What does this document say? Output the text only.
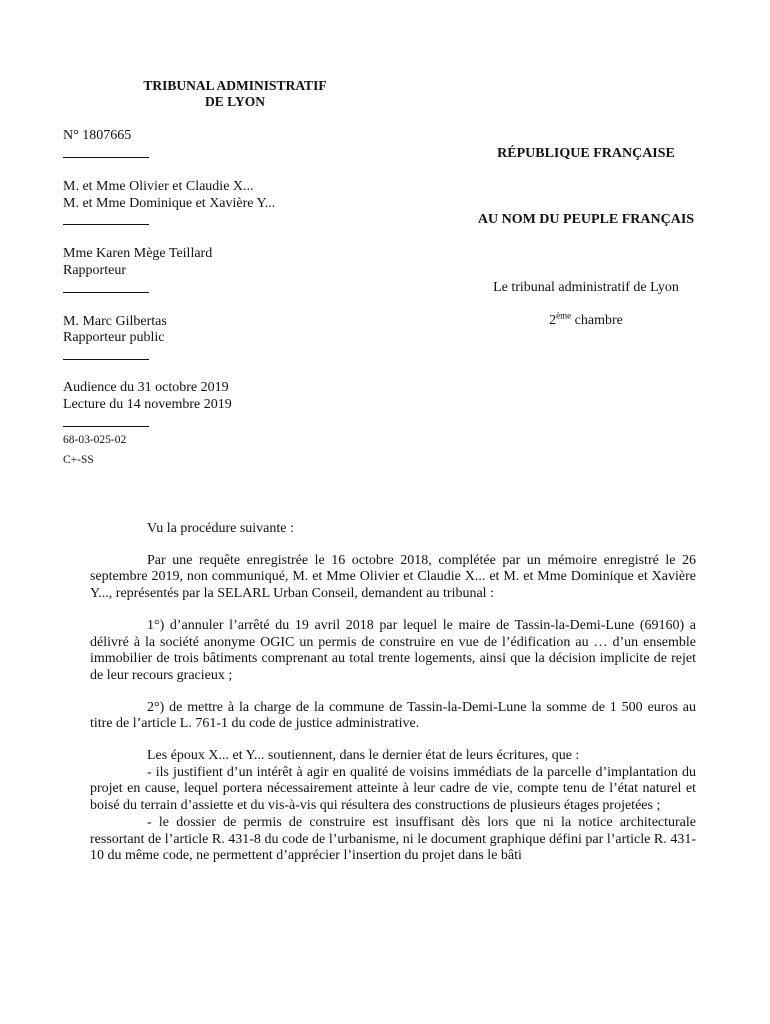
TRIBUNAL ADMINISTRATIF
DE LYON
N° 1807665
M. et Mme Olivier et Claudie X...
M. et Mme Dominique et Xavière Y...
Mme Karen Mège Teillard
Rapporteur
M. Marc Gilbertas
Rapporteur public
Audience du 31 octobre 2019
Lecture du 14 novembre 2019
68-03-025-02
C+-SS
RÉPUBLIQUE FRANÇAISE
AU NOM DU PEUPLE FRANÇAIS
Le tribunal administratif de Lyon
2ème chambre

Vu la procédure suivante :

Par une requête enregistrée le 16 octobre 2018, complétée par un mémoire enregistré le 26 septembre 2019, non communiqué, M. et Mme Olivier et Claudie X... et M. et Mme Dominique et Xavière Y..., représentés par la SELARL Urban Conseil, demandent au tribunal :

1°) d’annuler l’arrêté du 19 avril 2018 par lequel le maire de Tassin-la-Demi-Lune (69160) a délivré à la société anonyme OGIC un permis de construire en vue de l’édification au … d’un ensemble immobilier de trois bâtiments comprenant au total trente logements, ainsi que la décision implicite de rejet de leur recours gracieux ;

2°) de mettre à la charge de la commune de Tassin-la-Demi-Lune la somme de 1 500 euros au titre de l’article L. 761-1 du code de justice administrative.

Les époux X... et Y... soutiennent, dans le dernier état de leurs écritures, que :

- ils justifient d’un intérêt à agir en qualité de voisins immédiats de la parcelle d’implantation du projet en cause, lequel portera nécessairement atteinte à leur cadre de vie, compte tenu de l’état naturel et boisé du terrain d’assiette et du vis-à-vis qui résultera des constructions de plusieurs étages projetées ;

- le dossier de permis de construire est insuffisant dès lors que ni la notice architecturale ressortant de l’article R. 431-8 du code de l’urbanisme, ni le document graphique défini par l’article R. 431-10 du même code, ne permettent d’apprécier l’insertion du projet dans le bâti
